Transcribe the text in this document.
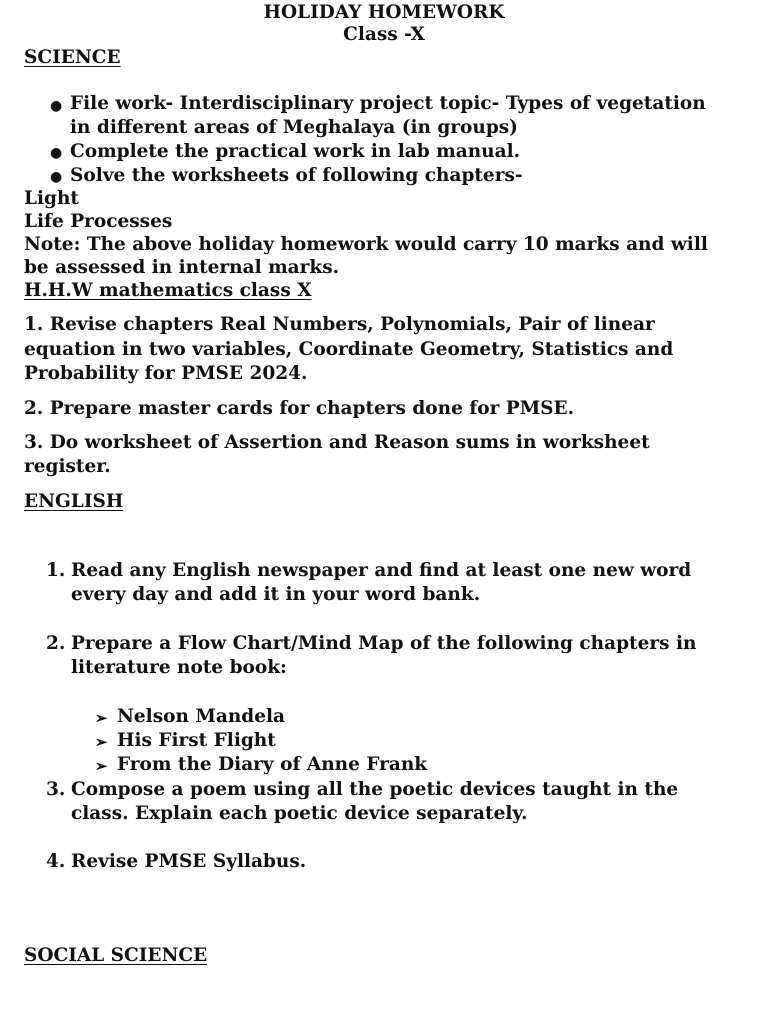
HOLIDAY HOMEWORK
Class -X
SCIENCE
● File work- Interdisciplinary project topic- Types of vegetation
in different areas of Meghalaya (in groups)
● Complete the practical work in lab manual.
● Solve the worksheets of following chapters-
Light
Life Processes
Note: The above holiday homework would carry 10 marks and will
be assessed in internal marks.
H.H.W mathematics class X
1. Revise chapters Real Numbers, Polynomials, Pair of linear
equation in two variables, Coordinate Geometry, Statistics and
Probability for PMSE 2024.
2. Prepare master cards for chapters done for PMSE.
3. Do worksheet of Assertion and Reason sums in worksheet
register.
ENGLISH
1. Read any English newspaper and find at least one new word
every day and add it in your word bank.
2. Prepare a Flow Chart/Mind Map of the following chapters in
literature note book:
➢ Nelson Mandela
➢ His First Flight
➢ From the Diary of Anne Frank
3. Compose a poem using all the poetic devices taught in the
class. Explain each poetic device separately.
4. Revise PMSE Syllabus.
SOCIAL SCIENCE
